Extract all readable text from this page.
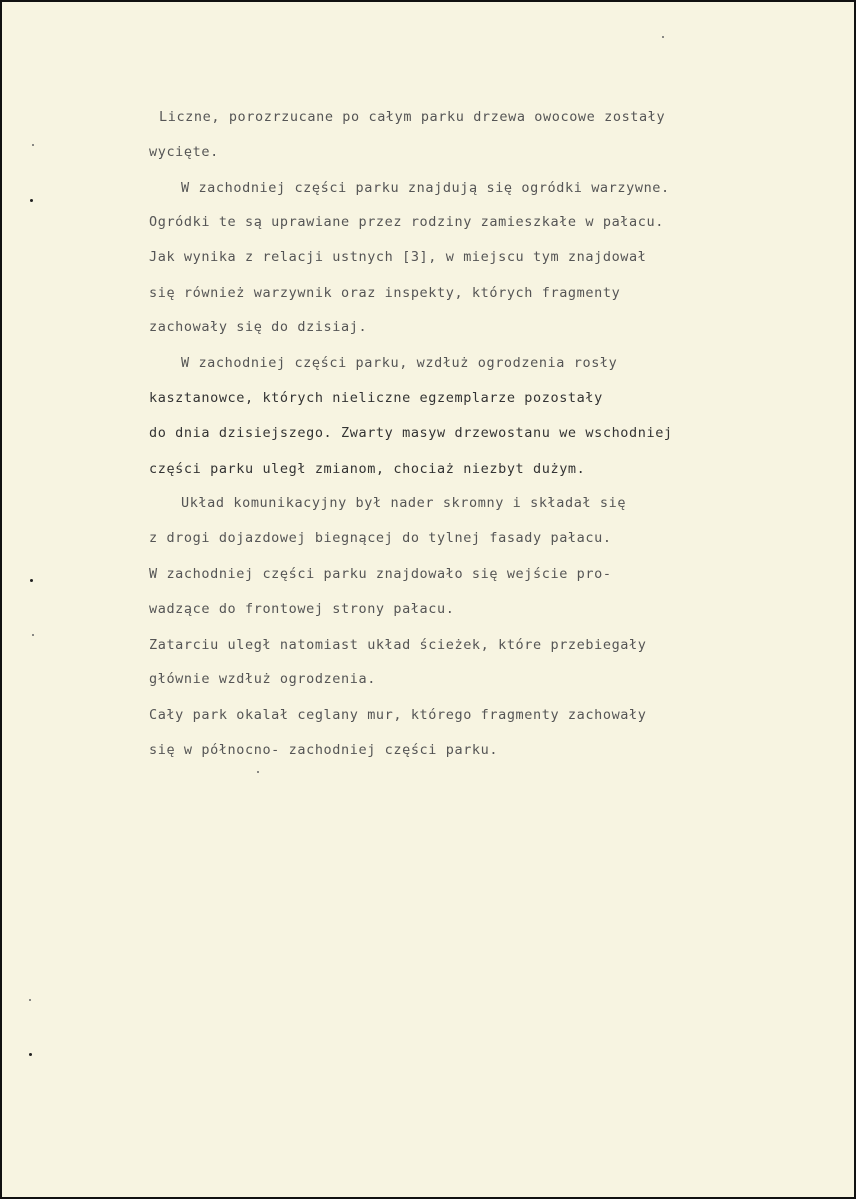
Liczne, porozrzucane po całym parku drzewa owocowe zostały
wycięte.
W zachodniej części parku znajdują się ogródki warzywne.
Ogródki te są uprawiane przez rodziny zamieszkałe w pałacu.
Jak wynika z relacji ustnych [3], w miejscu tym znajdował
się również warzywnik oraz inspekty, których fragmenty
zachowały się do dzisiaj.
W zachodniej części parku, wzdłuż ogrodzenia rosły
kasztanowce, których nieliczne egzemplarze pozostały
do dnia dzisiejszego. Zwarty masyw drzewostanu we wschodniej
części parku uległ zmianom, chociaż niezbyt dużym.
Układ komunikacyjny był nader skromny i składał się
z drogi dojazdowej biegnącej do tylnej fasady pałacu.
W zachodniej części parku znajdowało się wejście pro-
wadzące do frontowej strony pałacu.
Zatarciu uległ natomiast układ ścieżek, które przebiegały
głównie wzdłuż ogrodzenia.
Cały park okalał ceglany mur, którego fragmenty zachowały
się w północno- zachodniej części parku.
